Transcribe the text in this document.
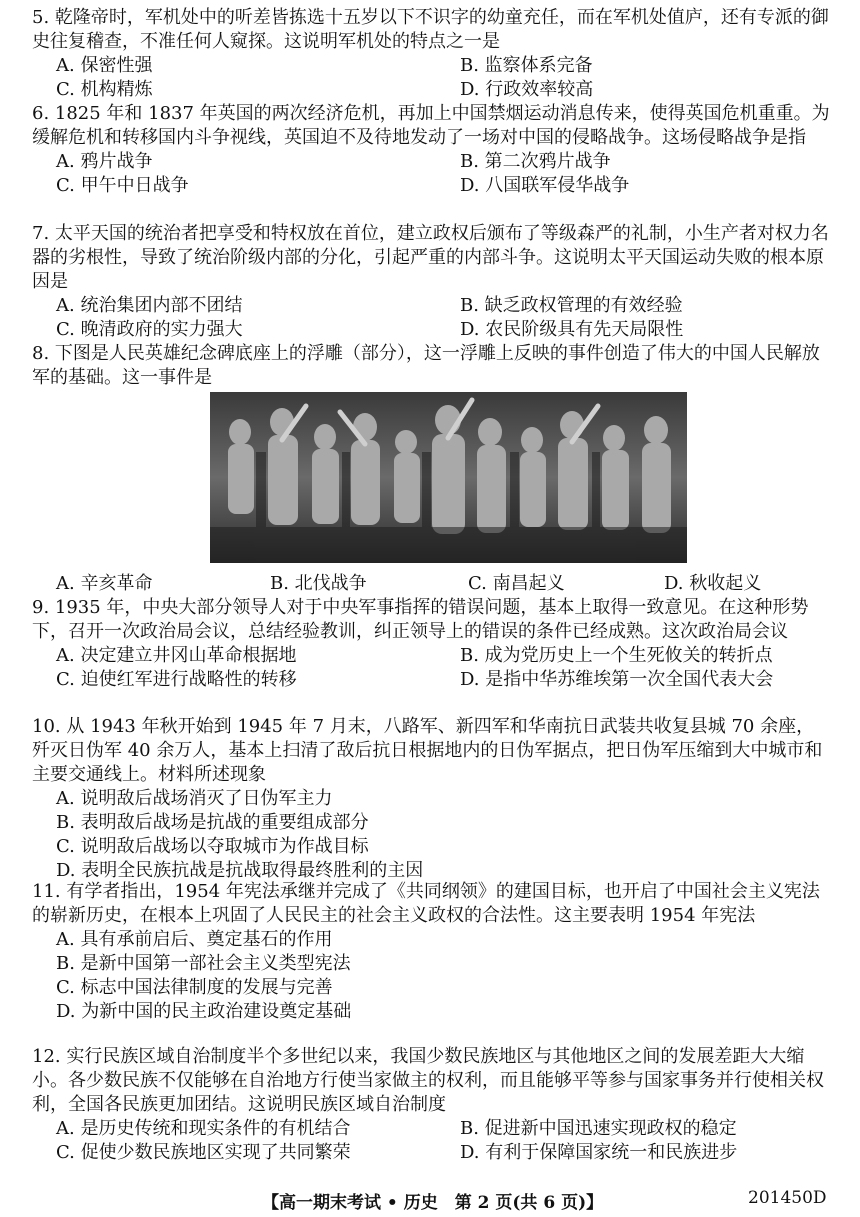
5. 乾隆帝时，军机处中的听差皆拣选十五岁以下不识字的幼童充任，而在军机处值庐，还有专派的御史往复稽查，不准任何人窥探。这说明军机处的特点之一是

A. 保密性强	B. 监察体系完备
C. 机构精炼	D. 行政效率较高

6. 1825 年和 1837 年英国的两次经济危机，再加上中国禁烟运动消息传来，使得英国危机重重。为缓解危机和转移国内斗争视线，英国迫不及待地发动了一场对中国的侵略战争。这场侵略战争是指

A. 鸦片战争	B. 第二次鸦片战争
C. 甲午中日战争	D. 八国联军侵华战争

7. 太平天国的统治者把享受和特权放在首位，建立政权后颁布了等级森严的礼制，小生产者对权力名器的劣根性，导致了统治阶级内部的分化，引起严重的内部斗争。这说明太平天国运动失败的根本原因是

A. 统治集团内部不团结	B. 缺乏政权管理的有效经验
C. 晚清政府的实力强大	D. 农民阶级具有先天局限性

8. 下图是人民英雄纪念碑底座上的浮雕（部分），这一浮雕上反映的事件创造了伟大的中国人民解放军的基础。这一事件是

A. 辛亥革命	B. 北伐战争	C. 南昌起义	D. 秋收起义

9. 1935 年，中央大部分领导人对于中央军事指挥的错误问题，基本上取得一致意见。在这种形势下，召开一次政治局会议，总结经验教训，纠正领导上的错误的条件已经成熟。这次政治局会议

A. 决定建立井冈山革命根据地	B. 成为党历史上一个生死攸关的转折点
C. 迫使红军进行战略性的转移	D. 是指中华苏维埃第一次全国代表大会

10. 从 1943 年秋开始到 1945 年 7 月末，八路军、新四军和华南抗日武装共收复县城 70 余座，歼灭日伪军 40 余万人，基本上扫清了敌后抗日根据地内的日伪军据点，把日伪军压缩到大中城市和主要交通线上。材料所述现象

A. 说明敌后战场消灭了日伪军主力
B. 表明敌后战场是抗战的重要组成部分
C. 说明敌后战场以夺取城市为作战目标
D. 表明全民族抗战是抗战取得最终胜利的主因

11. 有学者指出，1954 年宪法承继并完成了《共同纲领》的建国目标，也开启了中国社会主义宪法的崭新历史，在根本上巩固了人民民主的社会主义政权的合法性。这主要表明 1954 年宪法

A. 具有承前启后、奠定基石的作用
B. 是新中国第一部社会主义类型宪法
C. 标志中国法律制度的发展与完善
D. 为新中国的民主政治建设奠定基础

12. 实行民族区域自治制度半个多世纪以来，我国少数民族地区与其他地区之间的发展差距大大缩小。各少数民族不仅能够在自治地方行使当家做主的权利，而且能够平等参与国家事务并行使相关权利，全国各民族更加团结。这说明民族区域自治制度

A. 是历史传统和现实条件的有机结合	B. 促进新中国迅速实现政权的稳定
C. 促使少数民族地区实现了共同繁荣	D. 有利于保障国家统一和民族进步
【高一期末考试 • 历史　第 2 页(共 6 页)】	201450D
